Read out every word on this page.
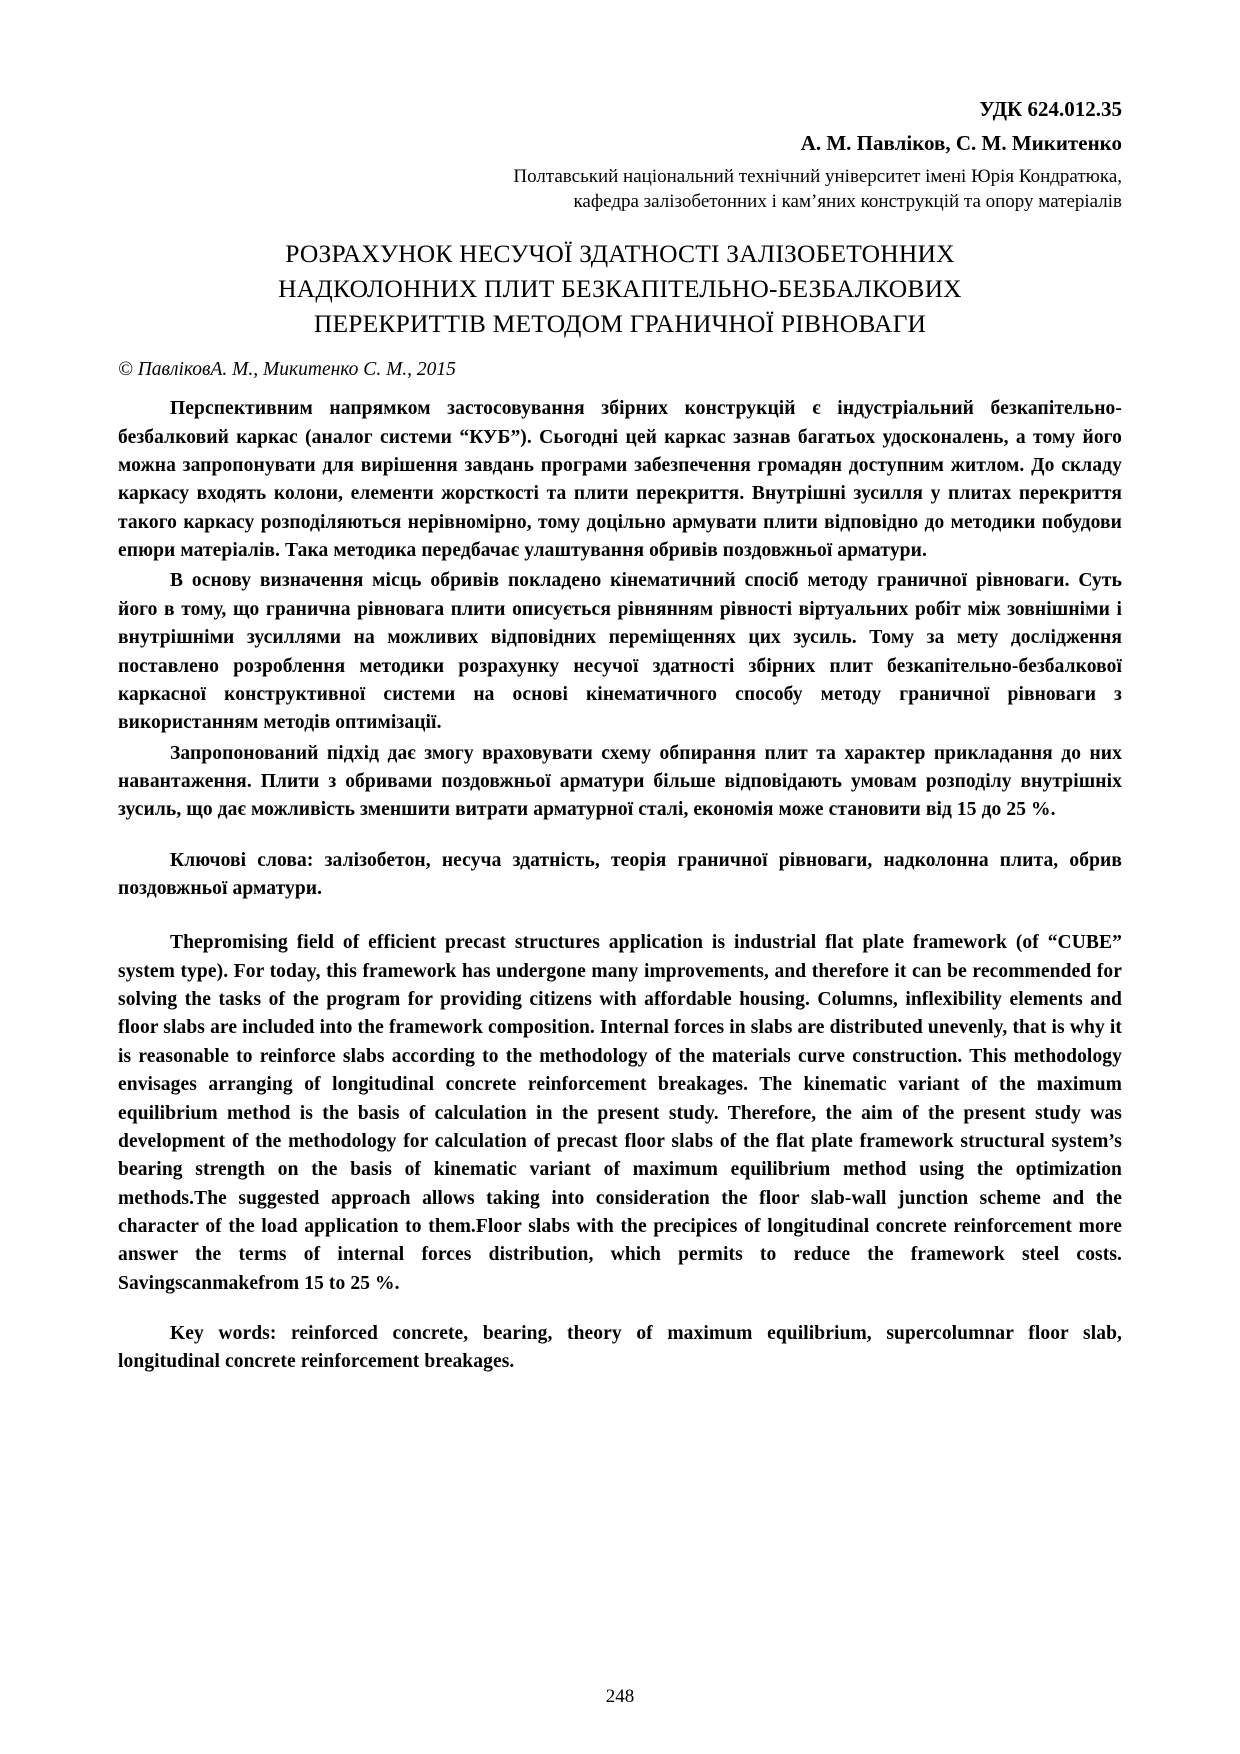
УДК 624.012.35
А. М. Павліков, С. М. Микитенко
Полтавський національний технічний університет імені Юрія Кондратюка,
кафедра залізобетонних і кам’яних конструкцій та опору матеріалів
РОЗРАХУНОК НЕСУЧОЇ ЗДАТНОСТІ ЗАЛІЗОБЕТОННИХ
НАДКОЛОННИХ ПЛИТ БЕЗКАПІТЕЛЬНО-БЕЗБАЛКОВИХ
ПЕРЕКРИТТІВ МЕТОДОМ ГРАНИЧНОЇ РІВНОВАГИ
© ПавліковА. М., Микитенко С. М., 2015

Перспективним напрямком застосовування збірних конструкцій є індустріальний безкапітельно-безбалковий каркас (аналог системи “КУБ”). Сьогодні цей каркас зазнав багатьох удосконалень, а тому його можна запропонувати для вирішення завдань програми забезпечення громадян доступним житлом. До складу каркасу входять колони, елементи жорсткості та плити перекриття. Внутрішні зусилля у плитах перекриття такого каркасу розподіляються нерівномірно, тому доцільно армувати плити відповідно до методики побудови епюри матеріалів. Така методика передбачає улаштування обривів поздовжньої арматури.

В основу визначення місць обривів покладено кінематичний спосіб методу граничної рівноваги. Суть його в тому, що гранична рівновага плити описується рівнянням рівності віртуальних робіт між зовнішніми і внутрішніми зусиллями на можливих відповідних переміщеннях цих зусиль. Тому за мету дослідження поставлено розроблення методики розрахунку несучої здатності збірних плит безкапітельно-безбалкової каркасної конструктивної системи на основі кінематичного способу методу граничної рівноваги з використанням методів оптимізації.

Запропонований підхід дає змогу враховувати схему обпирання плит та характер прикладання до них навантаження. Плити з обривами поздовжньої арматури більше відповідають умовам розподілу внутрішніх зусиль, що дає можливість зменшити витрати арматурної сталі, економія може становити від 15 до 25 %.

Ключові слова: залізобетон, несуча здатність, теорія граничної рівноваги, надколонна плита, обрив поздовжньої арматури.

Thepromising field of efficient precast structures application is industrial flat plate framework (of “CUBE” system type). For today, this framework has undergone many improvements, and therefore it can be recommended for solving the tasks of the program for providing citizens with affordable housing. Columns, inflexibility elements and floor slabs are included into the framework composition. Internal forces in slabs are distributed unevenly, that is why it is reasonable to reinforce slabs according to the methodology of the materials curve construction. This methodology envisages arranging of longitudinal concrete reinforcement breakages. The kinematic variant of the maximum equilibrium method is the basis of calculation in the present study. Therefore, the aim of the present study was development of the methodology for calculation of precast floor slabs of the flat plate framework structural system’s bearing strength on the basis of kinematic variant of maximum equilibrium method using the optimization methods.The suggested approach allows taking into consideration the floor slab-wall junction scheme and the character of the load application to them.Floor slabs with the precipices of longitudinal concrete reinforcement more answer the terms of internal forces distribution, which permits to reduce the framework steel costs. Savingscanmakefrom 15 to 25 %.

Key words: reinforced concrete, bearing, theory of maximum equilibrium, supercolumnar floor slab, longitudinal concrete reinforcement breakages.

248
